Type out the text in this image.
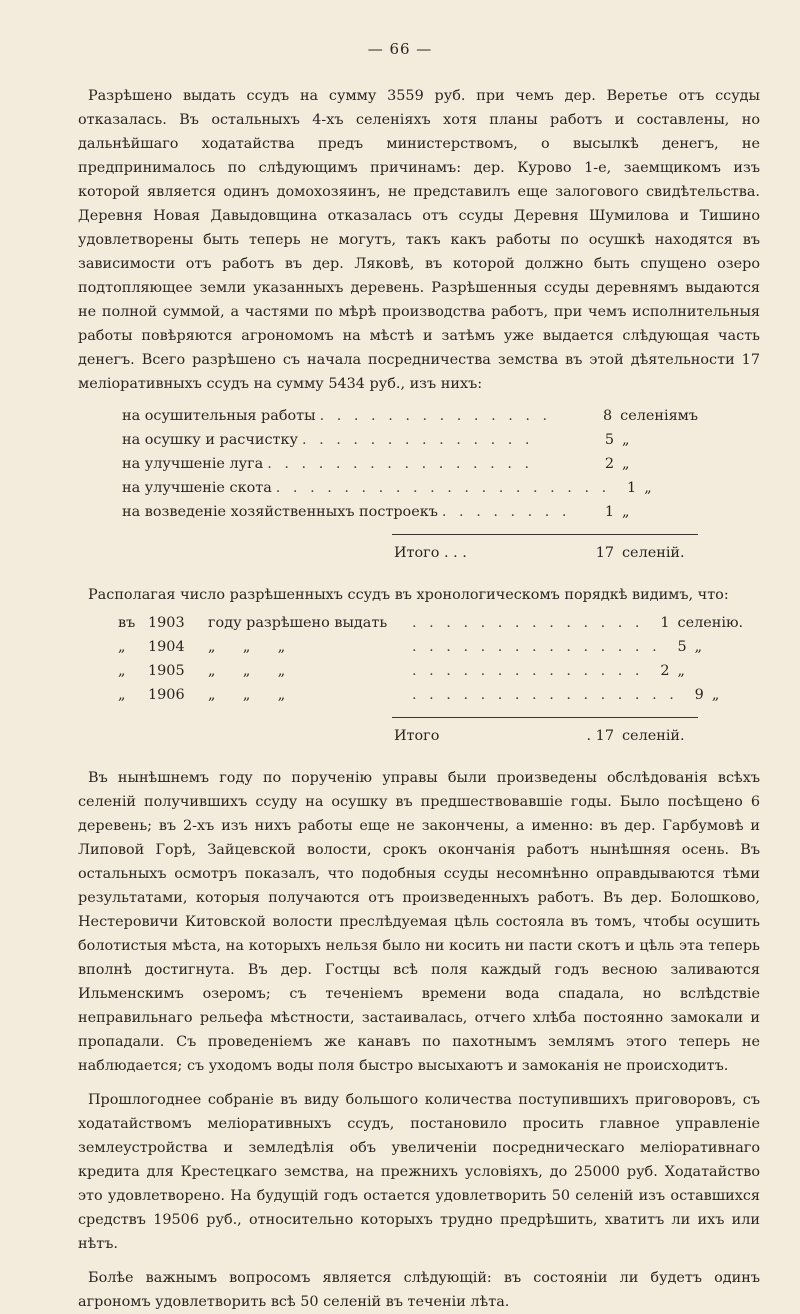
— 66 —

Разрѣшено выдать ссудъ на сумму 3559 руб. при чемъ дер. Веретье отъ ссуды отказалась. Въ остальныхъ 4-хъ селеніяхъ хотя планы работъ и составлены, но дальнѣйшаго ходатайства предъ министерствомъ, о высылкѣ денегъ, не предпринималось по слѣдующимъ причинамъ: дер. Курово 1-е, заемщикомъ изъ которой является одинъ домохозяинъ, не представилъ еще залогового свидѣтельства. Деревня Новая Давыдовщина отказалась отъ ссуды Деревня Шумилова и Тишино удовлетворены быть теперь не могутъ, такъ какъ работы по осушкѣ находятся въ зависимости отъ работъ въ дер. Ляковѣ, въ которой должно быть спущено озеро подтопляющее земли указанныхъ деревень. Разрѣшенныя ссуды деревнямъ выдаются не полной суммой, а частями по мѣрѣ производства работъ, при чемъ исполнительныя работы повѣряются агрономомъ на мѣстѣ и затѣмъ уже выдается слѣдующая часть денегъ. Всего разрѣшено съ начала посредничества земства въ этой дѣятельности 17 меліоративныхъ ссудъ на сумму 5434 руб., изъ нихъ:

на осушительныя работы . . . . . . . . . . . . . .	8 селеніямъ
на осушку и расчистку . . . . . . . . . . . . . .	5 „
на улучшеніе луга . . . . . . . . . . . . . . . .	2 „
на улучшеніе скота . . . . . . . . . . . . . . . . . . . .	1 „
на возведеніе хозяйственныхъ построекъ . . . . . . . .	1 „
Итого . . .	17 селеній.

Располагая число разрѣшенныхъ ссудъ въ хронологическомъ порядкѣ видимъ, что:

въ 1903	году разрѣшено выдать	. . . . . . . . . . . . . .	1 селенію.
„	1904	„      „      „	. . . . . . . . . . . . . . .	5 „
„	1905	„      „      „	. . . . . . . . . . . . . .	2 „
„	1906	„      „      „	. . . . . . . . . . . . . . . .	9 „
Итого	. 17 селеній.

Въ нынѣшнемъ году по порученію управы были произведены обслѣдованія всѣхъ селеній получившихъ ссуду на осушку въ предшествовавшіе годы. Было посѣщено 6 деревень; въ 2-хъ изъ нихъ работы еще не закончены, а именно: въ дер. Гарбумовѣ и Липовой Горѣ, Зайцевской волости, срокъ окончанія работъ нынѣшняя осень. Въ остальныхъ осмотръ показалъ, что подобныя ссуды несомнѣнно оправдываются тѣми результатами, которыя получаются отъ произведенныхъ работъ. Въ дер. Болошково, Нестеровичи Китовской волости преслѣдуемая цѣль состояла въ томъ, чтобы осушить болотистыя мѣста, на которыхъ нельзя было ни косить ни пасти скотъ и цѣль эта теперь вполнѣ достигнута. Въ дер. Гостцы всѣ поля каждый годъ весною заливаются Ильменскимъ озеромъ; съ теченіемъ времени вода спадала, но вслѣдствіе неправильнаго рельефа мѣстности, застаивалась, отчего хлѣба постоянно замокали и пропадали. Съ проведеніемъ же канавъ по пахотнымъ землямъ этого теперь не наблюдается; съ уходомъ воды поля быстро высыхаютъ и замоканія не происходитъ.

Прошлогоднее собраніе въ виду большого количества поступившихъ приговоровъ, съ ходатайствомъ меліоративныхъ ссудъ, постановило просить главное управленіе землеустройства и земледѣлія объ увеличеніи посредническаго меліоративнаго кредита для Крестецкаго земства, на прежнихъ условіяхъ, до 25000 руб. Ходатайство это удовлетворено. На будущій годъ остается удовлетворить 50 селеній изъ оставшихся средствъ 19506 руб., относительно которыхъ трудно предрѣшить, хватитъ ли ихъ или нѣтъ.

Болѣе важнымъ вопросомъ является слѣдующій: въ состояніи ли будетъ одинъ агрономъ удовлетворить всѣ 50 селеній въ теченіи лѣта.
